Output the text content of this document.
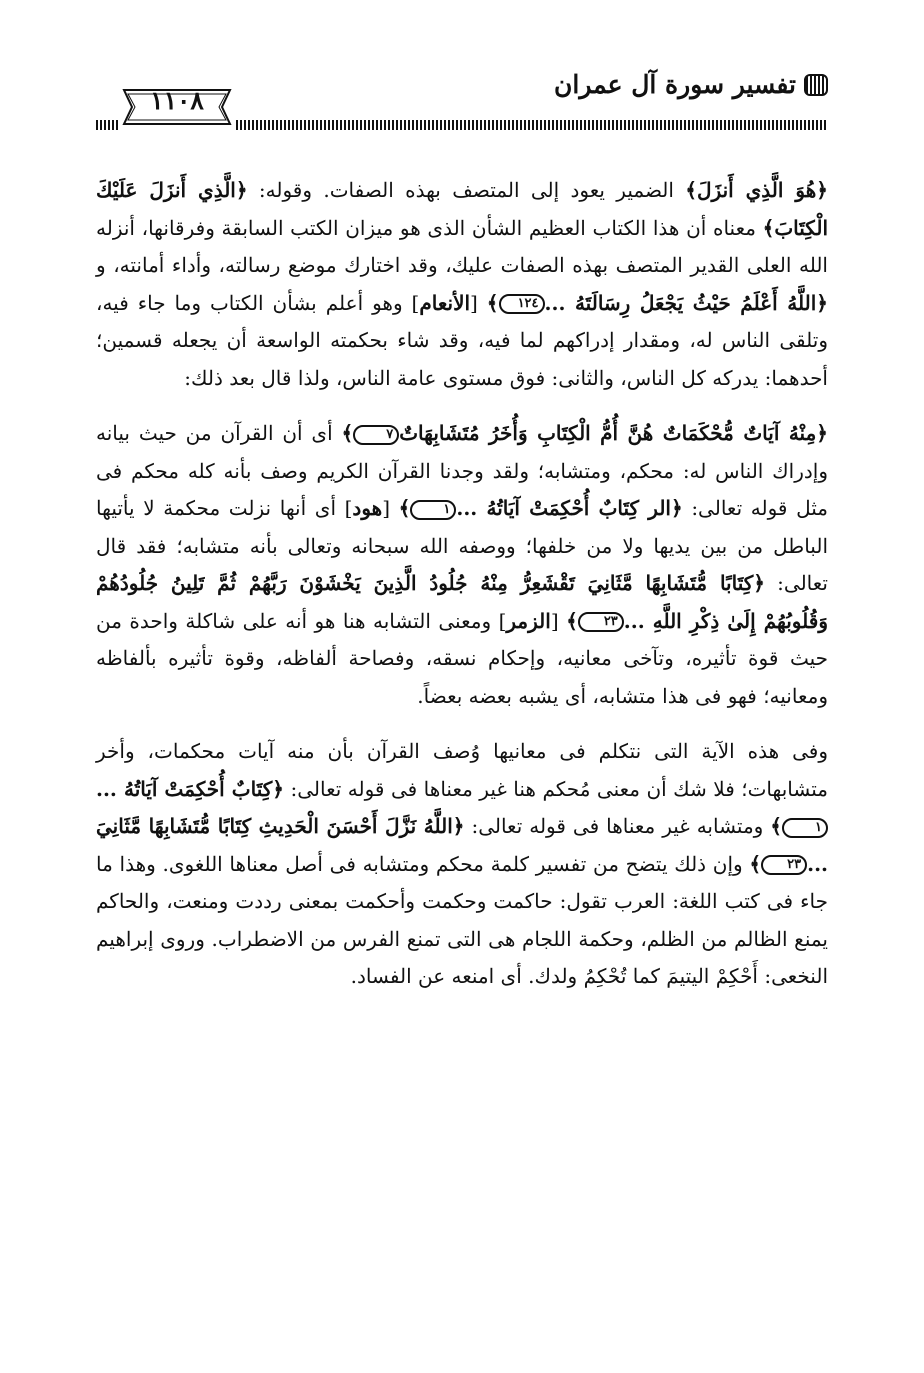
تفسير سورة آل عمران
١١٠٨

﴿هُوَ الَّذِي أَنزَلَ﴾ الضمير يعود إلى المتصف بهذه الصفات. وقوله: ﴿الَّذِي أَنزَلَ عَلَيْكَ الْكِتَابَ﴾ معناه أن هذا الكتاب العظيم الشأن الذى هو ميزان الكتب السابقة وفرقانها، أنزله الله العلى القدير المتصف بهذه الصفات عليك، وقد اختارك موضع رسالته، وأداء أمانته، و ﴿اللَّهُ أَعْلَمُ حَيْثُ يَجْعَلُ رِسَالَتَهُ ...١٢٤﴾ [الأنعام] وهو أعلم بشأن الكتاب وما جاء فيه، وتلقى الناس له، ومقدار إدراكهم لما فيه، وقد شاء بحكمته الواسعة أن يجعله قسمين؛ أحدهما: يدركه كل الناس، والثانى: فوق مستوى عامة الناس، ولذا قال بعد ذلك:

﴿مِنْهُ آيَاتٌ مُّحْكَمَاتٌ هُنَّ أُمُّ الْكِتَابِ وَأُخَرُ مُتَشَابِهَاتٌ٧﴾ أى أن القرآن من حيث بيانه وإدراك الناس له: محكم، ومتشابه؛ ولقد وجدنا القرآن الكريم وصف بأنه كله محكم فى مثل قوله تعالى: ﴿الر كِتَابٌ أُحْكِمَتْ آيَاتُهُ ...١﴾ [هود] أى أنها نزلت محكمة لا يأتيها الباطل من بين يديها ولا من خلفها؛ ووصفه الله سبحانه وتعالى بأنه متشابه؛ فقد قال تعالى: ﴿كِتَابًا مُّتَشَابِهًا مَّثَانِيَ تَقْشَعِرُّ مِنْهُ جُلُودُ الَّذِينَ يَخْشَوْنَ رَبَّهُمْ ثُمَّ تَلِينُ جُلُودُهُمْ وَقُلُوبُهُمْ إِلَىٰ ذِكْرِ اللَّهِ ...٢٣﴾ [الزمر] ومعنى التشابه هنا هو أنه على شاكلة واحدة من حيث قوة تأثيره، وتآخى معانيه، وإحكام نسقه، وفصاحة ألفاظه، وقوة تأثيره بألفاظه ومعانيه؛ فهو فى هذا متشابه، أى يشبه بعضه بعضاً.

وفى هذه الآية التى نتكلم فى معانيها وُصف القرآن بأن منه آيات محكمات، وأخر متشابهات؛ فلا شك أن معنى مُحكم هنا غير معناها فى قوله تعالى: ﴿كِتَابٌ أُحْكِمَتْ آيَاتُهُ ...١﴾ ومتشابه غير معناها فى قوله تعالى: ﴿اللَّهُ نَزَّلَ أَحْسَنَ الْحَدِيثِ كِتَابًا مُّتَشَابِهًا مَّثَانِيَ ...٢٣﴾ وإن ذلك يتضح من تفسير كلمة محكم ومتشابه فى أصل معناها اللغوى. وهذا ما جاء فى كتب اللغة: العرب تقول: حاكمت وحكمت وأحكمت بمعنى رددت ومنعت، والحاكم يمنع الظالم من الظلم، وحكمة اللجام هى التى تمنع الفرس من الاضطراب. وروى إبراهيم النخعى: أَحْكِمْ اليتيمَ كما تُحْكِمُ ولدك. أى امنعه عن الفساد.
